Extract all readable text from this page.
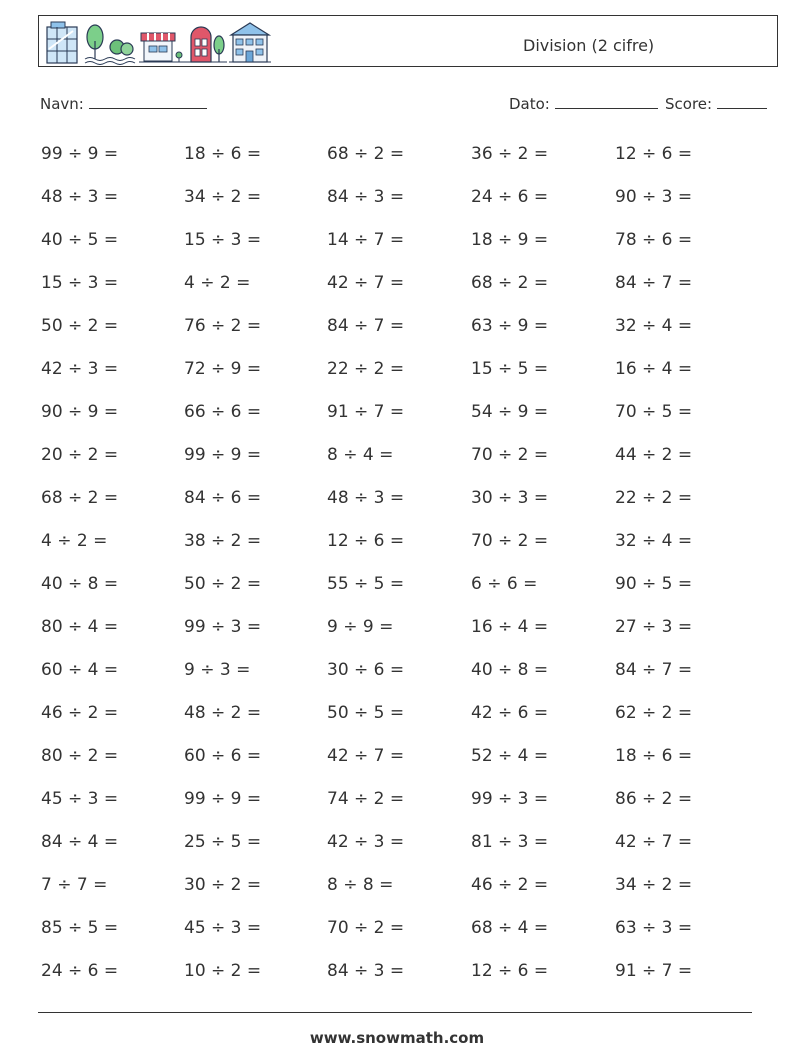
Division (2 cifre)
Navn:	Dato:	Score:
99 ÷ 9 =	18 ÷ 6 =	68 ÷ 2 =	36 ÷ 2 =	12 ÷ 6 =
48 ÷ 3 =	34 ÷ 2 =	84 ÷ 3 =	24 ÷ 6 =	90 ÷ 3 =
40 ÷ 5 =	15 ÷ 3 =	14 ÷ 7 =	18 ÷ 9 =	78 ÷ 6 =
15 ÷ 3 =	4 ÷ 2 =	42 ÷ 7 =	68 ÷ 2 =	84 ÷ 7 =
50 ÷ 2 =	76 ÷ 2 =	84 ÷ 7 =	63 ÷ 9 =	32 ÷ 4 =
42 ÷ 3 =	72 ÷ 9 =	22 ÷ 2 =	15 ÷ 5 =	16 ÷ 4 =
90 ÷ 9 =	66 ÷ 6 =	91 ÷ 7 =	54 ÷ 9 =	70 ÷ 5 =
20 ÷ 2 =	99 ÷ 9 =	8 ÷ 4 =	70 ÷ 2 =	44 ÷ 2 =
68 ÷ 2 =	84 ÷ 6 =	48 ÷ 3 =	30 ÷ 3 =	22 ÷ 2 =
4 ÷ 2 =	38 ÷ 2 =	12 ÷ 6 =	70 ÷ 2 =	32 ÷ 4 =
40 ÷ 8 =	50 ÷ 2 =	55 ÷ 5 =	6 ÷ 6 =	90 ÷ 5 =
80 ÷ 4 =	99 ÷ 3 =	9 ÷ 9 =	16 ÷ 4 =	27 ÷ 3 =
60 ÷ 4 =	9 ÷ 3 =	30 ÷ 6 =	40 ÷ 8 =	84 ÷ 7 =
46 ÷ 2 =	48 ÷ 2 =	50 ÷ 5 =	42 ÷ 6 =	62 ÷ 2 =
80 ÷ 2 =	60 ÷ 6 =	42 ÷ 7 =	52 ÷ 4 =	18 ÷ 6 =
45 ÷ 3 =	99 ÷ 9 =	74 ÷ 2 =	99 ÷ 3 =	86 ÷ 2 =
84 ÷ 4 =	25 ÷ 5 =	42 ÷ 3 =	81 ÷ 3 =	42 ÷ 7 =
7 ÷ 7 =	30 ÷ 2 =	8 ÷ 8 =	46 ÷ 2 =	34 ÷ 2 =
85 ÷ 5 =	45 ÷ 3 =	70 ÷ 2 =	68 ÷ 4 =	63 ÷ 3 =
24 ÷ 6 =	10 ÷ 2 =	84 ÷ 3 =	12 ÷ 6 =	91 ÷ 7 =
www.snowmath.com
